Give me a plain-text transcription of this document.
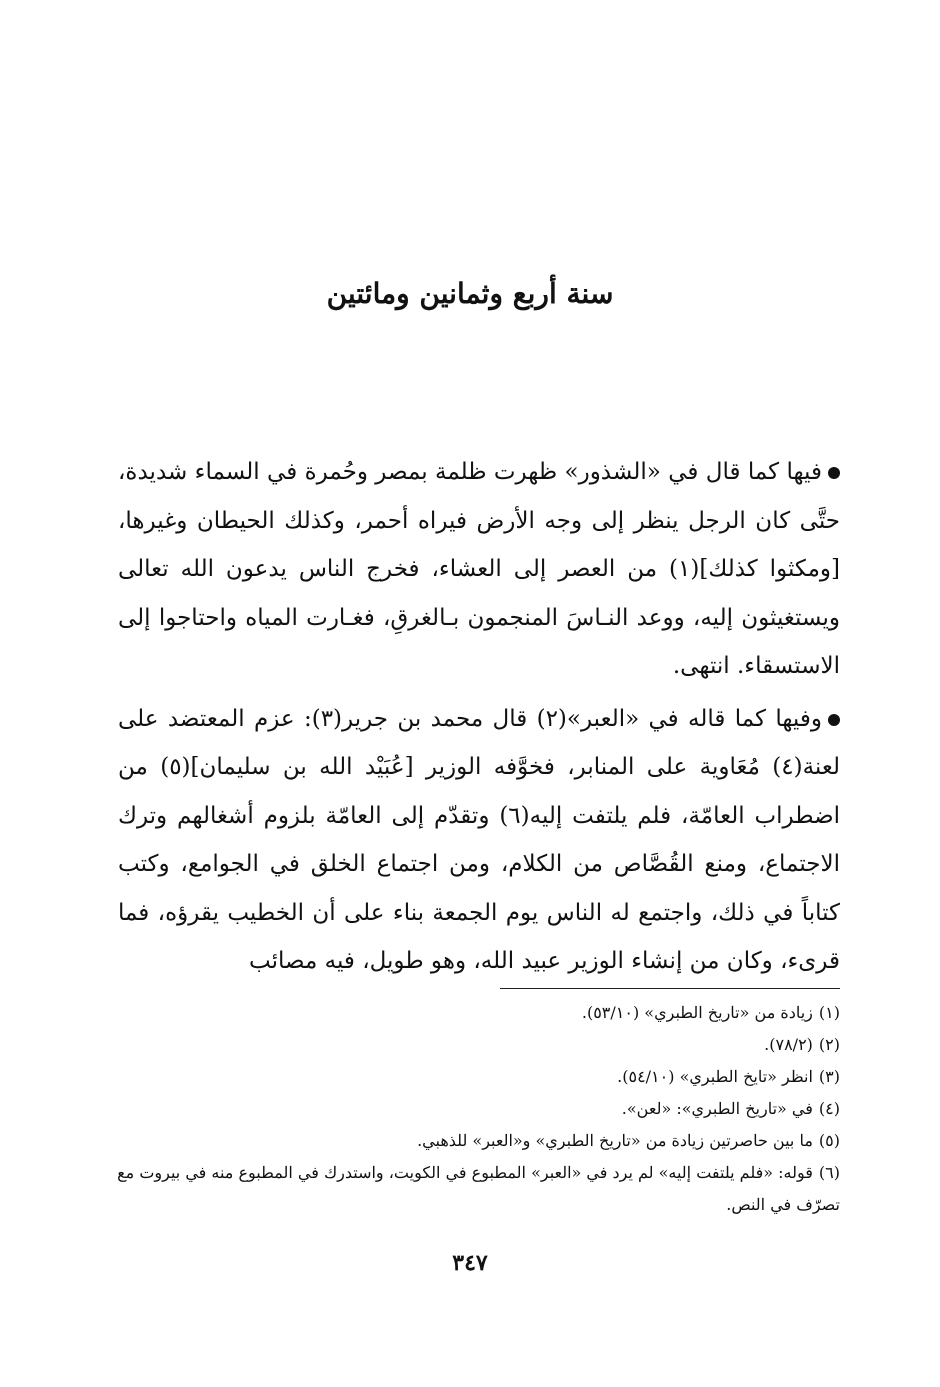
سنة أربع وثمانين ومائتين

فيها كما قال في «الشذور» ظهرت ظلمة بمصر وحُمرة في السماء شديدة، حتَّى كان الرجل ينظر إلى وجه الأرض فيراه أحمر، وكذلك الحيطان وغيرها، [ومكثوا كذلك](١) من العصر إلى العشاء، فخرج الناس يدعون الله تعالى ويستغيثون إليه، ووعد النـاسَ المنجمون بـالغرقِ، فغـارت المياه واحتاجوا إلى الاستسقاء. انتهى.

وفيها كما قاله في «العبر»(٢) قال محمد بن جرير(٣): عزم المعتضد على لعنة(٤) مُعَاوية على المنابر، فخوَّفه الوزير [عُبَيْد الله بن سليمان](٥) من اضطراب العامّة، فلم يلتفت إليه(٦) وتقدّم إلى العامّة بلزوم أشغالهم وترك الاجتماع، ومنع القُصَّاص من الكلام، ومن اجتماع الخلق في الجوامع، وكتب كتاباً في ذلك، واجتمع له الناس يوم الجمعة بناء على أن الخطيب يقرؤه، فما قرىء، وكان من إنشاء الوزير عبيد الله، وهو طويل، فيه مصائب

(١)زيادة من «تاريخ الطبري» (٥٣/١٠).
(٢)(٧٨/٢).
(٣)انظر «تايخ الطبري» (٥٤/١٠).
(٤)في «تاريخ الطبري»: «لعن».
(٥)ما بين حاصرتين زيادة من «تاريخ الطبري» و«العبر» للذهبي.
(٦)قوله: «فلم يلتفت إليه» لم يرد في «العبر» المطبوع في الكويت، واستدرك في المطبوع منه في بيروت مع تصرّف في النص.
٣٤٧
